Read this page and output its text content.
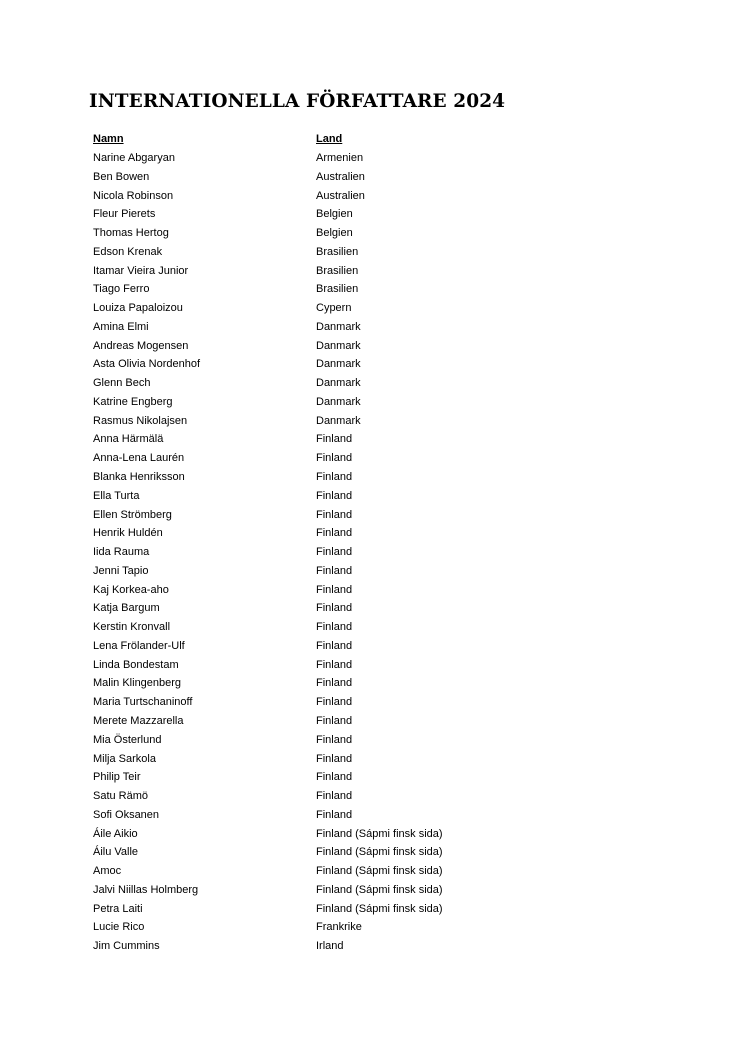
INTERNATIONELLA FÖRFATTARE 2024
Namn	Land
Narine Abgaryan	Armenien
Ben Bowen	Australien
Nicola Robinson	Australien
Fleur Pierets	Belgien
Thomas Hertog	Belgien
Edson Krenak	Brasilien
Itamar Vieira Junior	Brasilien
Tiago Ferro	Brasilien
Louiza Papaloizou	Cypern
Amina Elmi	Danmark
Andreas Mogensen	Danmark
Asta Olivia Nordenhof	Danmark
Glenn Bech	Danmark
Katrine Engberg	Danmark
Rasmus Nikolajsen	Danmark
Anna Härmälä	Finland
Anna-Lena Laurén	Finland
Blanka Henriksson	Finland
Ella Turta	Finland
Ellen Strömberg	Finland
Henrik Huldén	Finland
Iida Rauma	Finland
Jenni Tapio	Finland
Kaj Korkea-aho	Finland
Katja Bargum	Finland
Kerstin Kronvall	Finland
Lena Frölander-Ulf	Finland
Linda Bondestam	Finland
Malin Klingenberg	Finland
Maria Turtschaninoff	Finland
Merete Mazzarella	Finland
Mia Österlund	Finland
Milja Sarkola	Finland
Philip Teir	Finland
Satu Rämö	Finland
Sofi Oksanen	Finland
Áile Aikio	Finland (Sápmi finsk sida)
Áilu Valle	Finland (Sápmi finsk sida)
Amoc	Finland (Sápmi finsk sida)
Jalvi Niillas Holmberg	Finland (Sápmi finsk sida)
Petra Laiti	Finland (Sápmi finsk sida)
Lucie Rico	Frankrike
Jim Cummins	Irland
